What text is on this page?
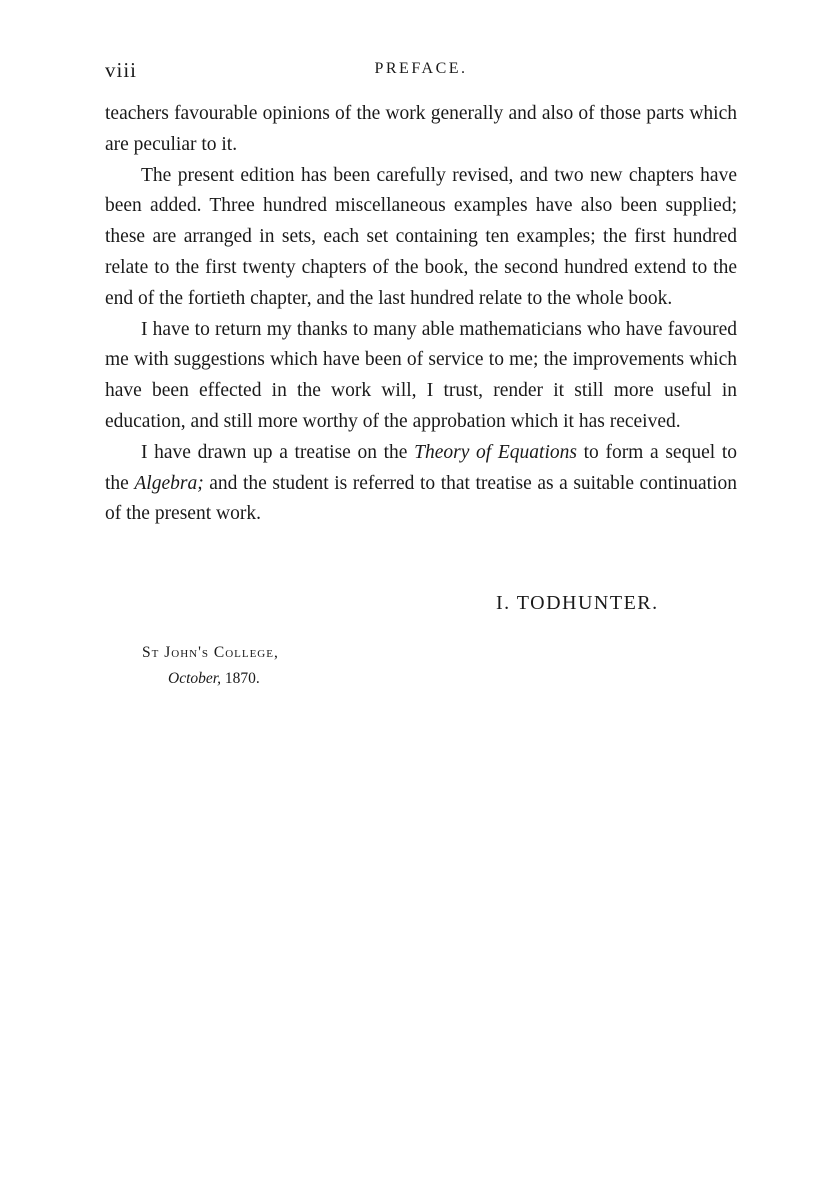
viii	PREFACE.

teachers favourable opinions of the work generally and also of those parts which are peculiar to it.

The present edition has been carefully revised, and two new chapters have been added. Three hundred miscellaneous examples have also been supplied; these are arranged in sets, each set containing ten examples; the first hundred relate to the first twenty chapters of the book, the second hundred extend to the end of the fortieth chapter, and the last hundred relate to the whole book.

I have to return my thanks to many able mathematicians who have favoured me with suggestions which have been of service to me; the improvements which have been effected in the work will, I trust, render it still more useful in education, and still more worthy of the approbation which it has received.

I have drawn up a treatise on the Theory of Equations to form a sequel to the Algebra; and the student is referred to that treatise as a suitable continuation of the present work.

I. TODHUNTER.
St John's College,
October, 1870.
